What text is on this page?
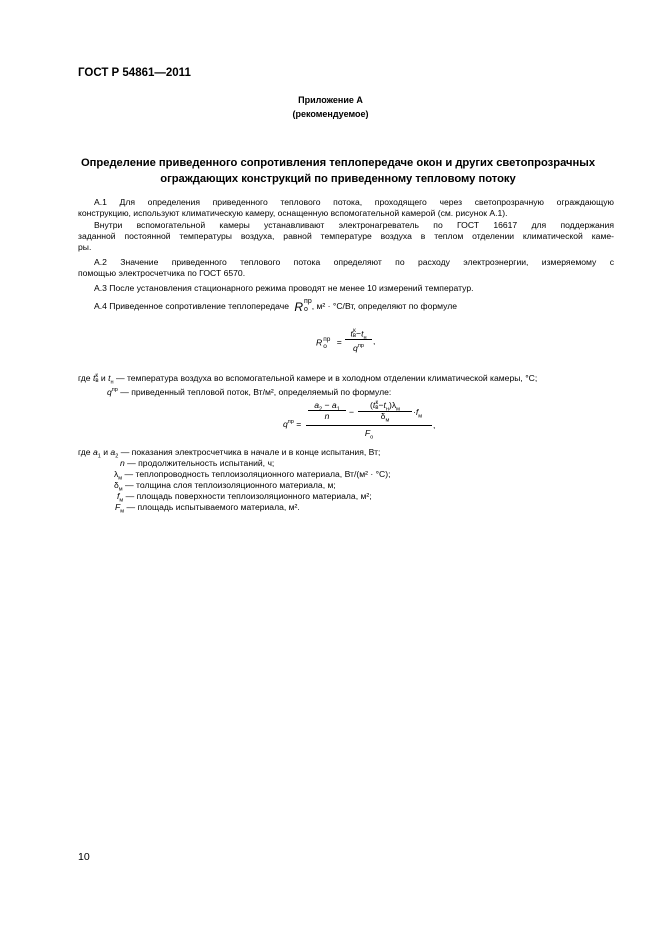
ГОСТ Р 54861—2011
Приложение А
(рекомендуемое)
Определение приведенного сопротивления теплопередаче окон и других светопрозрачных
ограждающих конструкций по приведенному тепловому потоку
А.1 Для определения приведенного теплового потока, проходящего через светопрозрачную ограждающую
конструкцию, используют климатическую камеру, оснащенную вспомогательной камерой (см. рисунок А.1).
Внутри вспомогательной камеры устанавливают электронагреватель по ГОСТ 16617 для поддержания
заданной постоянной температуры воздуха, равной температуре воздуха в теплом отделении климатической каме-
ры.
А.2 Значение приведенного теплового потока определяют по расходу электроэнергии, измеряемому с
помощью электросчетчика по ГОСТ 6570.
А.3 После установления стационарного режима проводят не менее 10 измерений температур.
А.4 Приведенное сопротивление теплопередаче R пр
о , м² · °С/Вт, определяют по формуле
R пр
о	=
t к
$в -t_н$
$q^{пр}$
,
где t к
в и $t_н$ — температура воздуха во вспомогательной камере и в холодном отделении климатической камеры, °С;
$q^{пр}$ — приведенный тепловой поток, Вт/м², определяемый по формуле:
$q^{пр}$ =
$a_2 - a_1$
n	−
(t к
$в -t_н)\lambda_м$
$\delta_м$
$\cdot f_м$
$F_о$
,
где $a_1$ и $a_2$ — показания электросчетчика в начале и в конце испытания, Вт;
n — продолжительность испытаний, ч;
$\lambda_м$ — теплопроводность теплоизоляционного материала, Вт/(м² · °С);
$\delta_м$ — толщина слоя теплоизоляционного материала, м;
$f_м$ — площадь поверхности теплоизоляционного материала, м²;
$F_м$ — площадь испытываемого материала, м².
10
